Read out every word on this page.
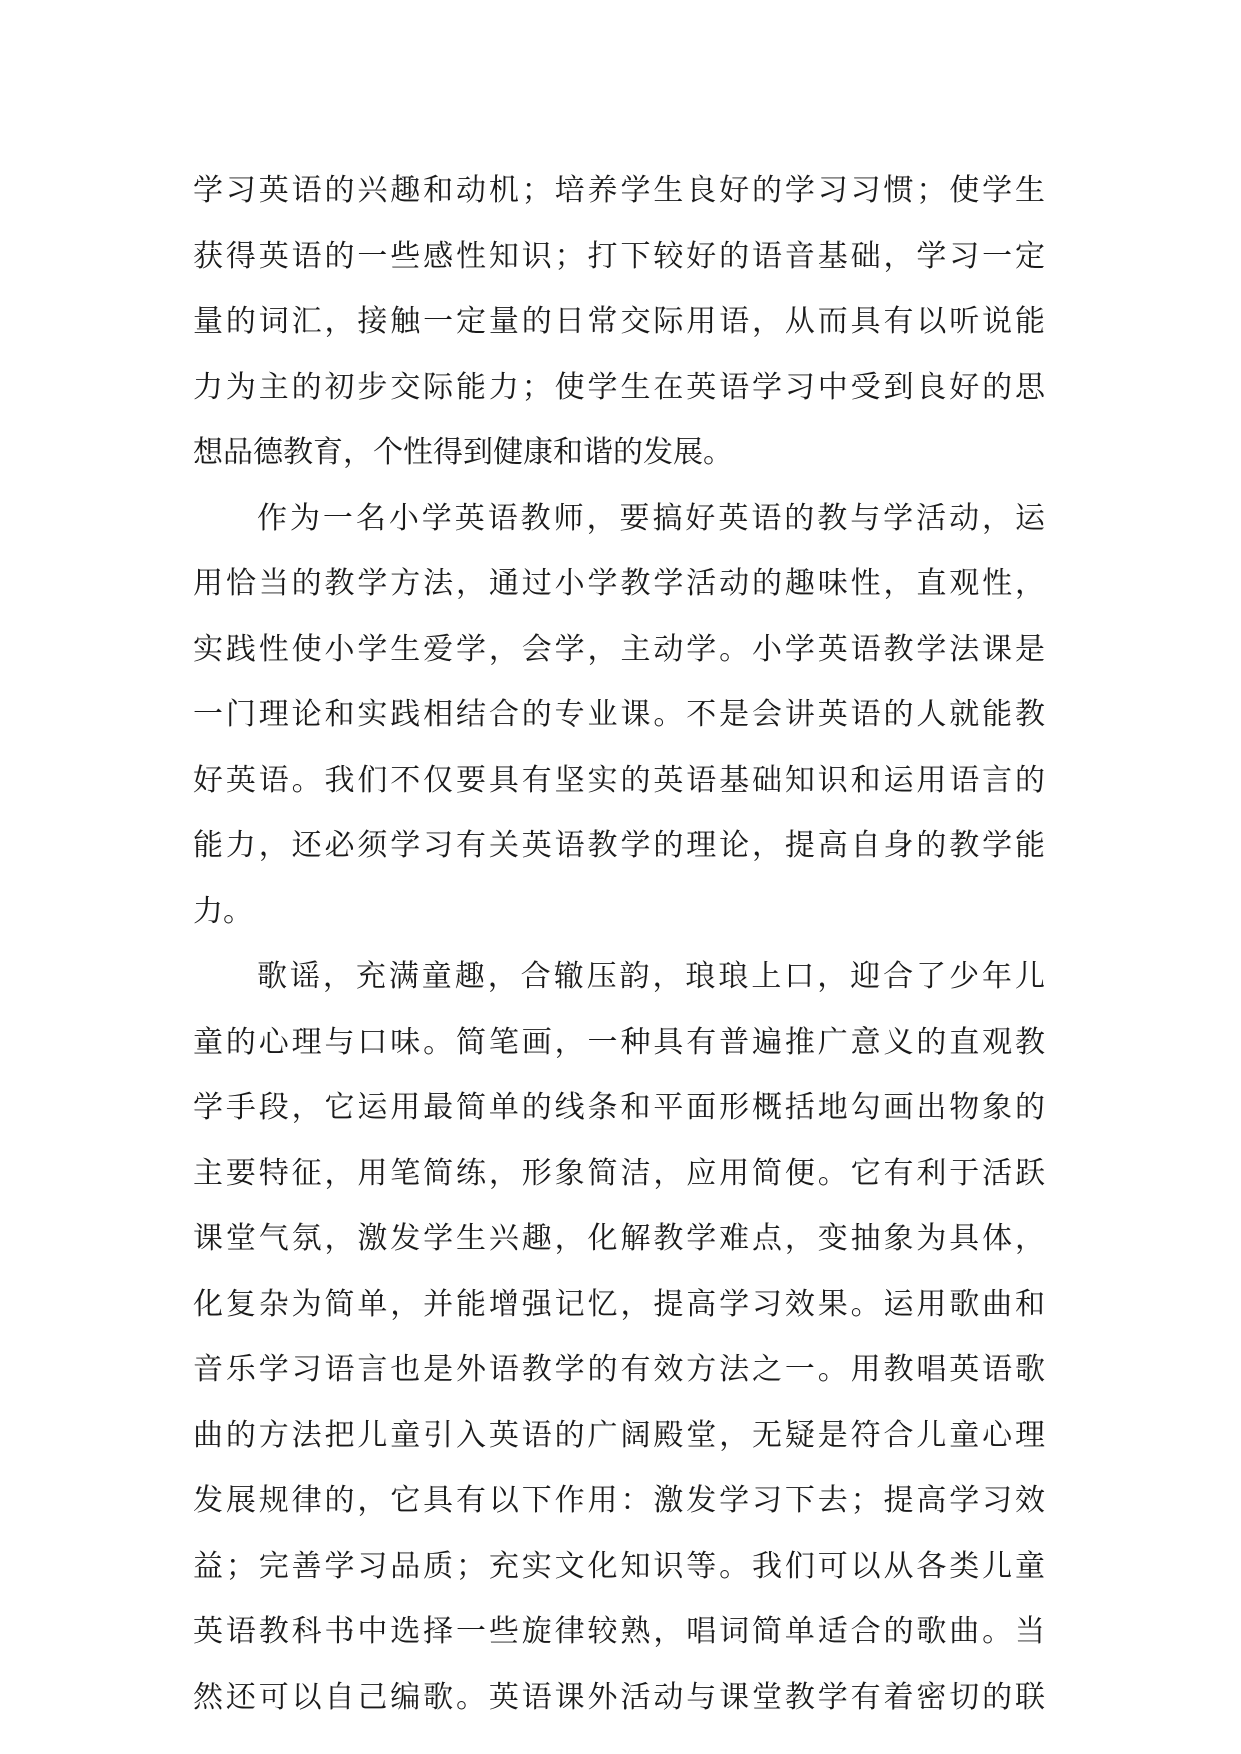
学习英语的兴趣和动机；培养学生良好的学习习惯；使学生
获得英语的一些感性知识；打下较好的语音基础，学习一定
量的词汇，接触一定量的日常交际用语，从而具有以听说能
力为主的初步交际能力；使学生在英语学习中受到良好的思
想品德教育，个性得到健康和谐的发展。
作为一名小学英语教师，要搞好英语的教与学活动，运
用恰当的教学方法，通过小学教学活动的趣味性，直观性，
实践性使小学生爱学，会学，主动学。小学英语教学法课是
一门理论和实践相结合的专业课。不是会讲英语的人就能教
好英语。我们不仅要具有坚实的英语基础知识和运用语言的
能力，还必须学习有关英语教学的理论，提高自身的教学能
力。
歌谣，充满童趣，合辙压韵，琅琅上口，迎合了少年儿
童的心理与口味。简笔画，一种具有普遍推广意义的直观教
学手段，它运用最简单的线条和平面形概括地勾画出物象的
主要特征，用笔简练，形象简洁，应用简便。它有利于活跃
课堂气氛，激发学生兴趣，化解教学难点，变抽象为具体，
化复杂为简单，并能增强记忆，提高学习效果。运用歌曲和
音乐学习语言也是外语教学的有效方法之一。用教唱英语歌
曲的方法把儿童引入英语的广阔殿堂，无疑是符合儿童心理
发展规律的，它具有以下作用：激发学习下去；提高学习效
益；完善学习品质；充实文化知识等。我们可以从各类儿童
英语教科书中选择一些旋律较熟，唱词简单适合的歌曲。当
然还可以自己编歌。英语课外活动与课堂教学有着密切的联
